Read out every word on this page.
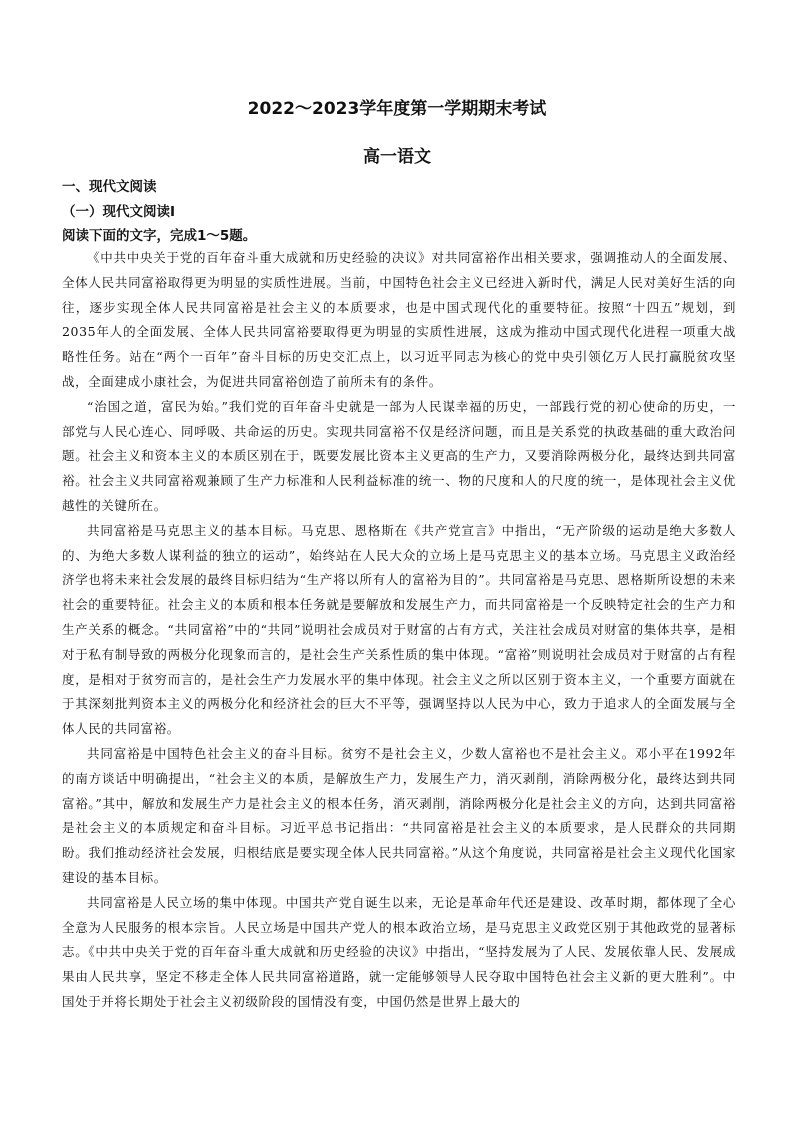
2022～2023学年度第一学期期末考试
高一语文
一、现代文阅读
（一）现代文阅读Ⅰ
阅读下面的文字，完成1～5题。

《中共中央关于党的百年奋斗重大成就和历史经验的决议》对共同富裕作出相关要求，强调推动人的全面发展、全体人民共同富裕取得更为明显的实质性进展。当前，中国特色社会主义已经进入新时代，满足人民对美好生活的向往，逐步实现全体人民共同富裕是社会主义的本质要求，也是中国式现代化的重要特征。按照“十四五”规划，到2035年人的全面发展、全体人民共同富裕要取得更为明显的实质性进展，这成为推动中国式现代化进程一项重大战略性任务。站在“两个一百年”奋斗目标的历史交汇点上，以习近平同志为核心的党中央引领亿万人民打赢脱贫攻坚战，全面建成小康社会，为促进共同富裕创造了前所未有的条件。

“治国之道，富民为始。”我们党的百年奋斗史就是一部为人民谋幸福的历史，一部践行党的初心使命的历史，一部党与人民心连心、同呼吸、共命运的历史。实现共同富裕不仅是经济问题，而且是关系党的执政基础的重大政治问题。社会主义和资本主义的本质区别在于，既要发展比资本主义更高的生产力，又要消除两极分化，最终达到共同富裕。社会主义共同富裕观兼顾了生产力标准和人民利益标准的统一、物的尺度和人的尺度的统一，是体现社会主义优越性的关键所在。

共同富裕是马克思主义的基本目标。马克思、恩格斯在《共产党宣言》中指出，“无产阶级的运动是绝大多数人的、为绝大多数人谋利益的独立的运动”，始终站在人民大众的立场上是马克思主义的基本立场。马克思主义政治经济学也将未来社会发展的最终目标归结为“生产将以所有人的富裕为目的”。共同富裕是马克思、恩格斯所设想的未来社会的重要特征。社会主义的本质和根本任务就是要解放和发展生产力，而共同富裕是一个反映特定社会的生产力和生产关系的概念。“共同富裕”中的“共同”说明社会成员对于财富的占有方式，关注社会成员对财富的集体共享，是相对于私有制导致的两极分化现象而言的，是社会生产关系性质的集中体现。“富裕”则说明社会成员对于财富的占有程度，是相对于贫穷而言的，是社会生产力发展水平的集中体现。社会主义之所以区别于资本主义，一个重要方面就在于其深刻批判资本主义的两极分化和经济社会的巨大不平等，强调坚持以人民为中心，致力于追求人的全面发展与全体人民的共同富裕。

共同富裕是中国特色社会主义的奋斗目标。贫穷不是社会主义，少数人富裕也不是社会主义。邓小平在1992年的南方谈话中明确提出，“社会主义的本质，是解放生产力，发展生产力，消灭剥削，消除两极分化，最终达到共同富裕。”其中，解放和发展生产力是社会主义的根本任务，消灭剥削，消除两极分化是社会主义的方向，达到共同富裕是社会主义的本质规定和奋斗目标。习近平总书记指出：“共同富裕是社会主义的本质要求，是人民群众的共同期盼。我们推动经济社会发展，归根结底是要实现全体人民共同富裕。”从这个角度说，共同富裕是社会主义现代化国家建设的基本目标。

共同富裕是人民立场的集中体现。中国共产党自诞生以来，无论是革命年代还是建设、改革时期，都体现了全心全意为人民服务的根本宗旨。人民立场是中国共产党人的根本政治立场，是马克思主义政党区别于其他政党的显著标志。《中共中央关于党的百年奋斗重大成就和历史经验的决议》中指出，“坚持发展为了人民、发展依靠人民、发展成果由人民共享，坚定不移走全体人民共同富裕道路，就一定能够领导人民夺取中国特色社会主义新的更大胜利”。中国处于并将长期处于社会主义初级阶段的国情没有变，中国仍然是世界上最大的
